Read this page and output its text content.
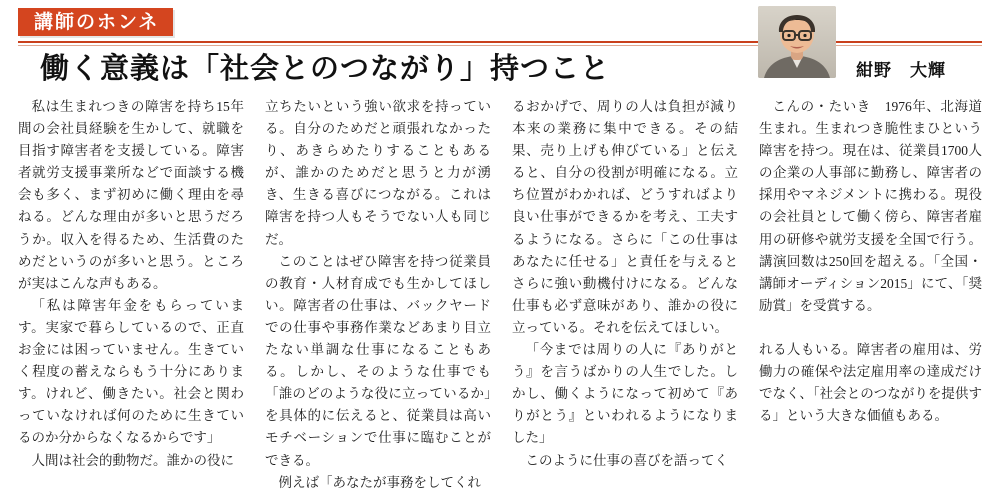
講師のホンネ
働く意義は「社会とのつながり」持つこと	紺野　大輝

私は生まれつきの障害を持ち15年間の会社員経験を生かして、就職を目指す障害者を支援している。障害者就労支援事業所などで面談する機会も多く、まず初めに働く理由を尋ねる。どんな理由が多いと思うだろうか。収入を得るため、生活費のためだというのが多いと思う。ところが実はこんな声もある。

「私は障害年金をもらっています。実家で暮らしているので、正直お金には困っていません。生きていく程度の蓄えならもう十分にあります。けれど、働きたい。社会と関わっていなければ何のために生きているのか分からなくなるからです」

人間は社会的動物だ。誰かの役に

立ちたいという強い欲求を持っている。自分のためだと頑張れなかったり、あきらめたりすることもあるが、誰かのためだと思うと力が湧き、生きる喜びにつながる。これは障害を持つ人もそうでない人も同じだ。

このことはぜひ障害を持つ従業員の教育・人材育成でも生かしてほしい。障害者の仕事は、バックヤードでの仕事や事務作業などあまり目立たない単調な仕事になることもある。しかし、そのような仕事でも「誰のどのような役に立っているか」を具体的に伝えると、従業員は高いモチベーションで仕事に臨むことができる。

例えば「あなたが事務をしてくれ

るおかげで、周りの人は負担が減り本来の業務に集中できる。その結果、売り上げも伸びている」と伝えると、自分の役割が明確になる。立ち位置がわかれば、どうすればより良い仕事ができるかを考え、工夫するようになる。さらに「この仕事はあなたに任せる」と責任を与えるとさらに強い動機付けになる。どんな仕事も必ず意味があり、誰かの役に立っている。それを伝えてほしい。

「今までは周りの人に『ありがとう』を言うばかりの人生でした。しかし、働くようになって初めて『ありがとう』といわれるようになりました」

このように仕事の喜びを語ってく

こんの・たいき　1976年、北海道生まれ。生まれつき脆性まひという障害を持つ。現在は、従業員1700人の企業の人事部に勤務し、障害者の採用やマネジメントに携わる。現役の会社員として働く傍ら、障害者雇用の研修や就労支援を全国で行う。講演回数は250回を超える。「全国・講師オーディション2015」にて、「奨励賞」を受賞する。

れる人もいる。障害者の雇用は、労働力の確保や法定雇用率の達成だけでなく、「社会とのつながりを提供する」という大きな価値もある。
